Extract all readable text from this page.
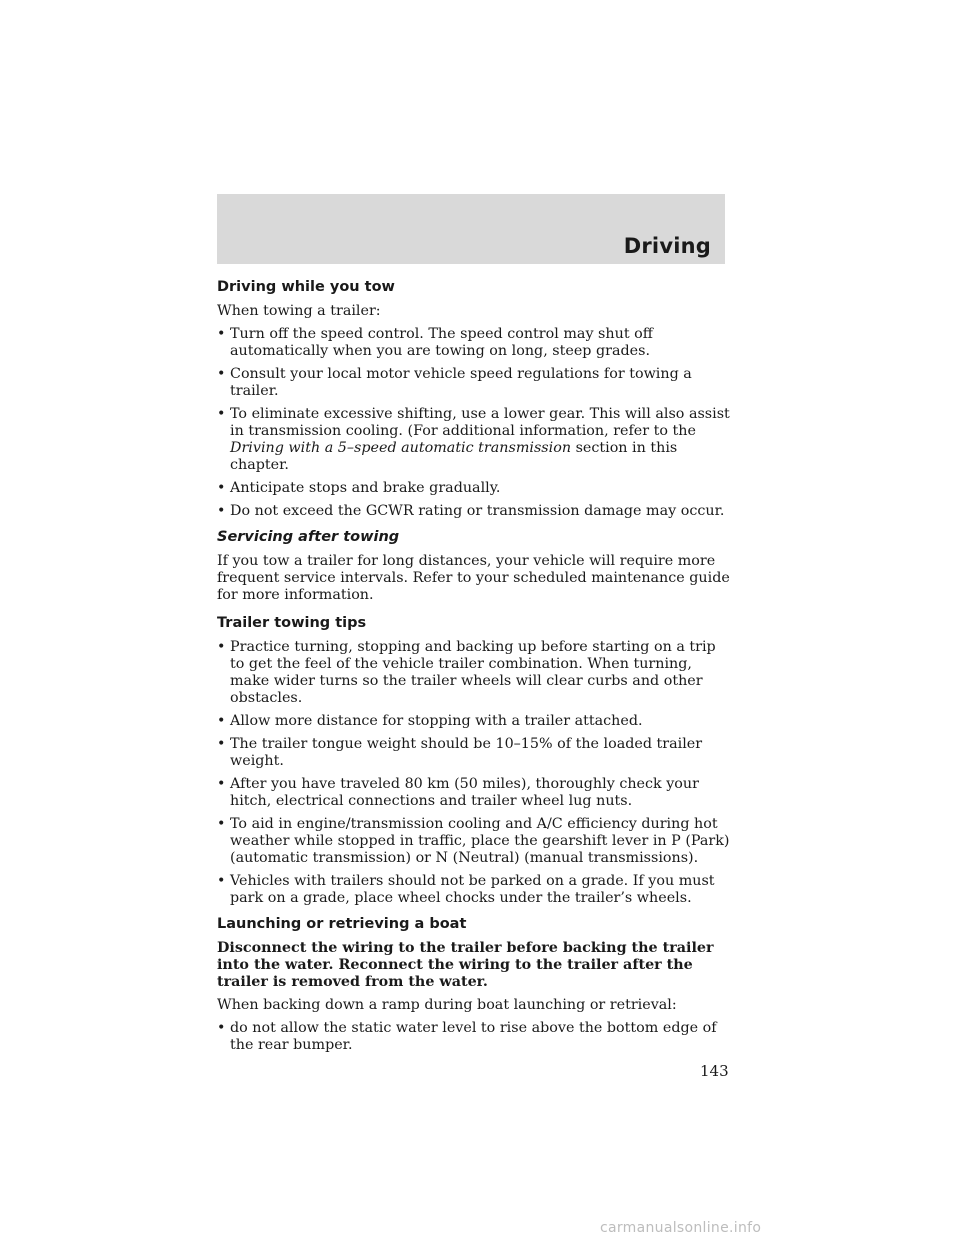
Driving
Driving while you tow

When towing a trailer:

• Turn off the speed control. The speed control may shut off automatically when you are towing on long, steep grades.
• Consult your local motor vehicle speed regulations for towing a trailer.
• To eliminate excessive shifting, use a lower gear. This will also assist in transmission cooling. (For additional information, refer to the Driving with a 5–speed automatic transmission section in this chapter.
• Anticipate stops and brake gradually.
• Do not exceed the GCWR rating or transmission damage may occur.
Servicing after towing

If you tow a trailer for long distances, your vehicle will require more frequent service intervals. Refer to your scheduled maintenance guide for more information.

Trailer towing tips
• Practice turning, stopping and backing up before starting on a trip to get the feel of the vehicle trailer combination. When turning, make wider turns so the trailer wheels will clear curbs and other obstacles.
• Allow more distance for stopping with a trailer attached.
• The trailer tongue weight should be 10–15% of the loaded trailer weight.
• After you have traveled 80 km (50 miles), thoroughly check your hitch, electrical connections and trailer wheel lug nuts.
• To aid in engine/transmission cooling and A/C efficiency during hot weather while stopped in traffic, place the gearshift lever in P (Park) (automatic transmission) or N (Neutral) (manual transmissions).
• Vehicles with trailers should not be parked on a grade. If you must park on a grade, place wheel chocks under the trailer’s wheels.
Launching or retrieving a boat

Disconnect the wiring to the trailer before backing the trailer into the water. Reconnect the wiring to the trailer after the trailer is removed from the water.

When backing down a ramp during boat launching or retrieval:

• do not allow the static water level to rise above the bottom edge of the rear bumper.
143
carmanualsonline.info
